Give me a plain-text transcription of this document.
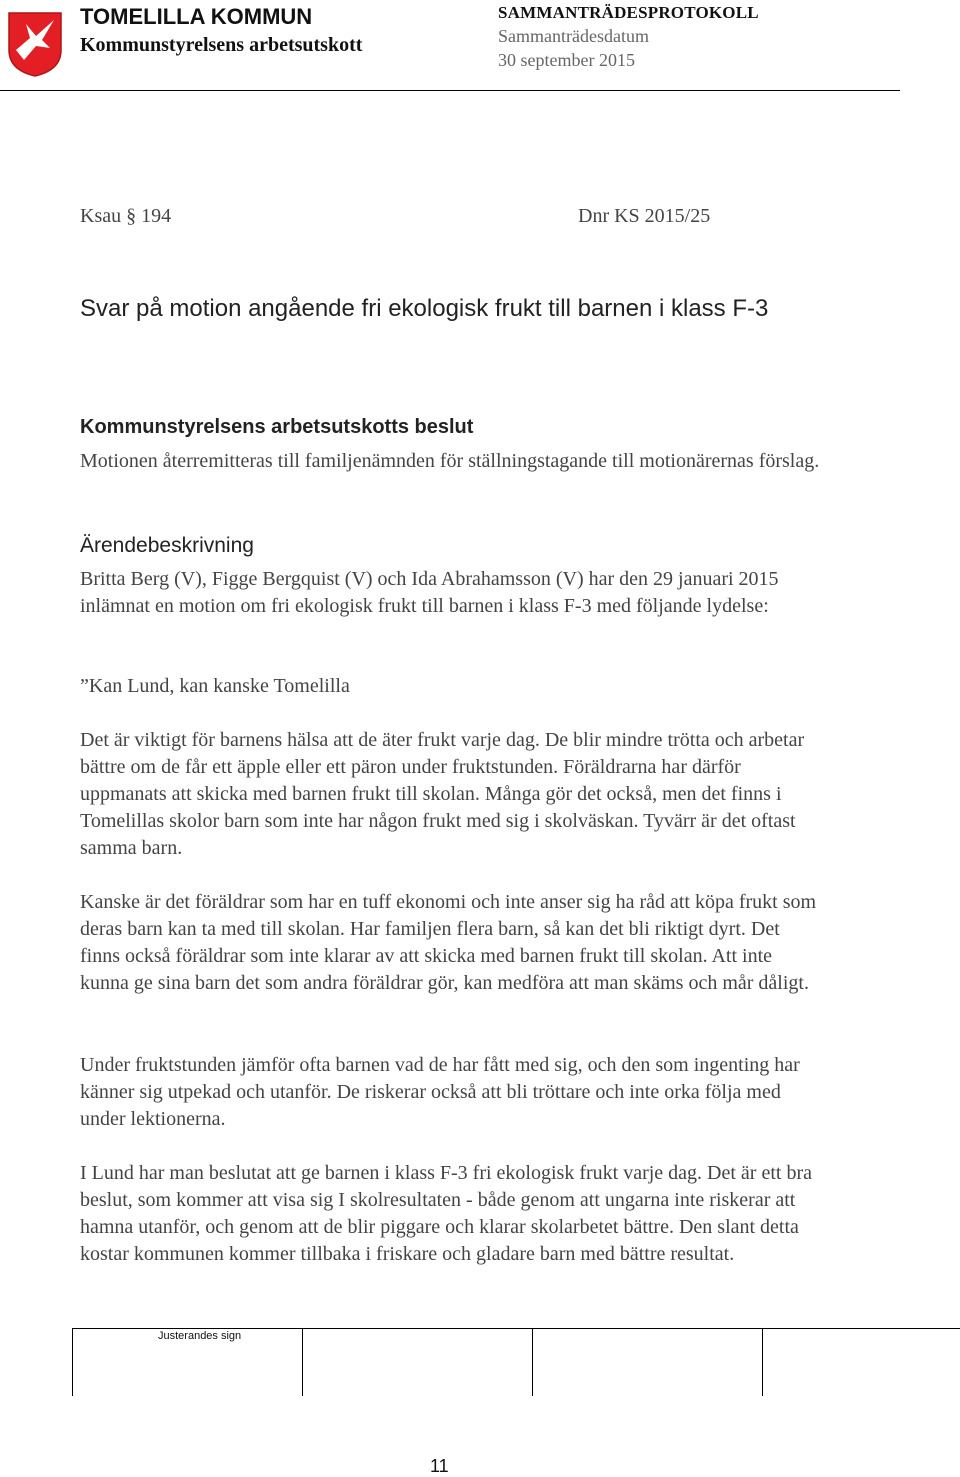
TOMELILLA KOMMUN
Kommunstyrelsens arbetsutskott
SAMMANTRÄDESPROTOKOLL
Sammanträdesdatum
30 september 2015
Ksau § 194	Dnr KS 2015/25
Svar på motion angående fri ekologisk frukt till barnen i klass F-3
Kommunstyrelsens arbetsutskotts beslut
Motionen återremitteras till familjenämnden för ställningstagande till motionärernas förslag.
Ärendebeskrivning
Britta Berg (V), Figge Bergquist (V) och Ida Abrahamsson (V) har den 29 januari 2015 inlämnat en motion om fri ekologisk frukt till barnen i klass F-3 med följande lydelse:
”Kan Lund, kan kanske Tomelilla
Det är viktigt för barnens hälsa att de äter frukt varje dag. De blir mindre trötta och arbetar bättre om de får ett äpple eller ett päron under fruktstunden. Föräldrarna har därför uppmanats att skicka med barnen frukt till skolan. Många gör det också, men det finns i Tomelillas skolor barn som inte har någon frukt med sig i skolväskan. Tyvärr är det oftast samma barn.
Kanske är det föräldrar som har en tuff ekonomi och inte anser sig ha råd att köpa frukt som deras barn kan ta med till skolan. Har familjen flera barn, så kan det bli riktigt dyrt. Det finns också föräldrar som inte klarar av att skicka med barnen frukt till skolan. Att inte kunna ge sina barn det som andra föräldrar gör, kan medföra att man skäms och mår dåligt.
Under fruktstunden jämför ofta barnen vad de har fått med sig, och den som ingenting har känner sig utpekad och utanför. De riskerar också att bli tröttare och inte orka följa med under lektionerna.
I Lund har man beslutat att ge barnen i klass F-3 fri ekologisk frukt varje dag. Det är ett bra beslut, som kommer att visa sig I skolresultaten - både genom att ungarna inte riskerar att hamna utanför, och genom att de blir piggare och klarar skolarbetet bättre. Den slant detta kostar kommunen kommer tillbaka i friskare och gladare barn med bättre resultat.
Justerandes sign
11
